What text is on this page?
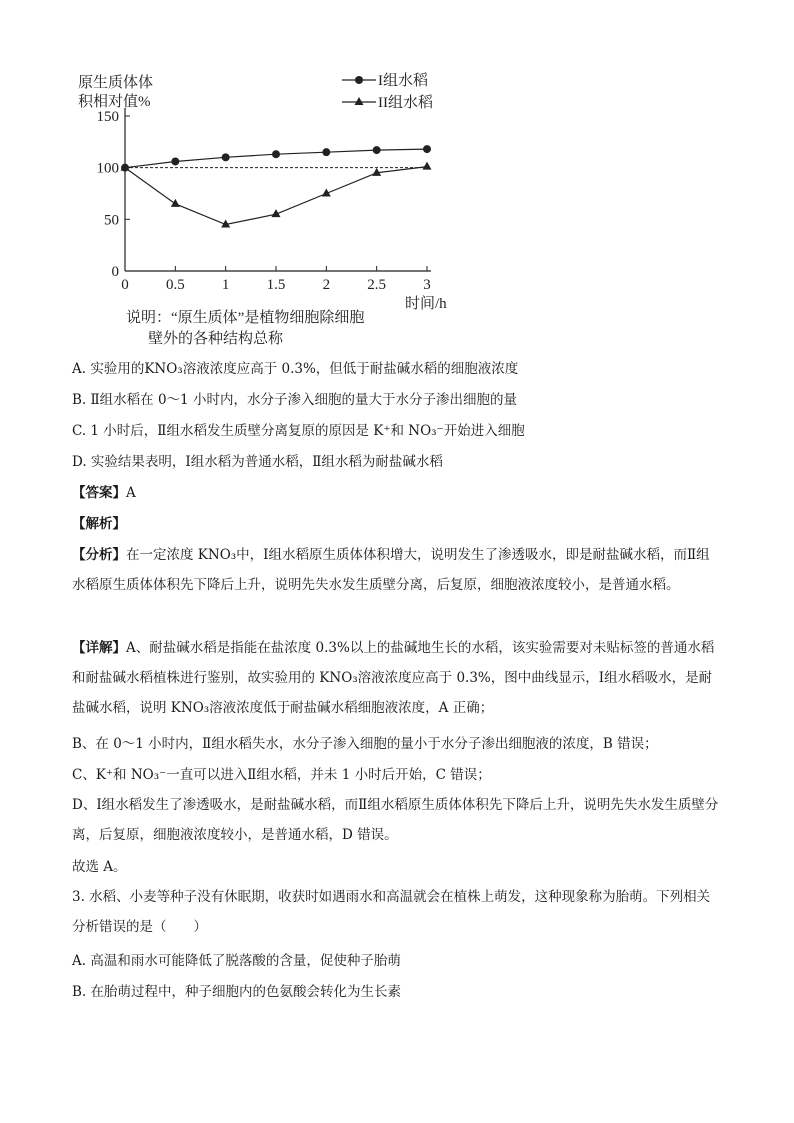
原生质体体
积相对值%
I组水稻
II组水稻
0
50
100
150
0 0.5 1 1.5 2 2.5 3
时间/h
说明：“原生质体”是植物细胞除细胞
壁外的各种结构总称
A. 实验用的KNO₃溶液浓度应高于 0.3%，但低于耐盐碱水稻的细胞液浓度
B. Ⅱ组水稻在 0～1 小时内，水分子渗入细胞的量大于水分子渗出细胞的量
C. 1 小时后，Ⅱ组水稻发生质壁分离复原的原因是 K⁺和 NO₃⁻开始进入细胞
D. 实验结果表明，Ⅰ组水稻为普通水稻，Ⅱ组水稻为耐盐碱水稻
【答案】A
【解析】
【分析】在一定浓度 KNO₃中，Ⅰ组水稻原生质体体积增大，说明发生了渗透吸水，即是耐盐碱水稻，而Ⅱ组水稻原生质体体积先下降后上升，说明先失水发生质壁分离，后复原，细胞液浓度较小，是普通水稻。
【详解】A、耐盐碱水稻是指能在盐浓度 0.3%以上的盐碱地生长的水稻，该实验需要对未贴标签的普通水稻和耐盐碱水稻植株进行鉴别，故实验用的 KNO₃溶液浓度应高于 0.3%，图中曲线显示，Ⅰ组水稻吸水，是耐盐碱水稻，说明 KNO₃溶液浓度低于耐盐碱水稻细胞液浓度，A 正确；
B、在 0～1 小时内，Ⅱ组水稻失水，水分子渗入细胞的量小于水分子渗出细胞液的浓度，B 错误；
C、K⁺和 NO₃⁻一直可以进入Ⅱ组水稻，并未 1 小时后开始，C 错误；
D、Ⅰ组水稻发生了渗透吸水，是耐盐碱水稻，而Ⅱ组水稻原生质体体积先下降后上升，说明先失水发生质壁分离，后复原，细胞液浓度较小，是普通水稻，D 错误。
故选 A。
3. 水稻、小麦等种子没有休眠期，收获时如遇雨水和高温就会在植株上萌发，这种现象称为胎萌。下列相关分析错误的是（　　）
A. 高温和雨水可能降低了脱落酸的含量，促使种子胎萌
B. 在胎萌过程中，种子细胞内的色氨酸会转化为生长素
